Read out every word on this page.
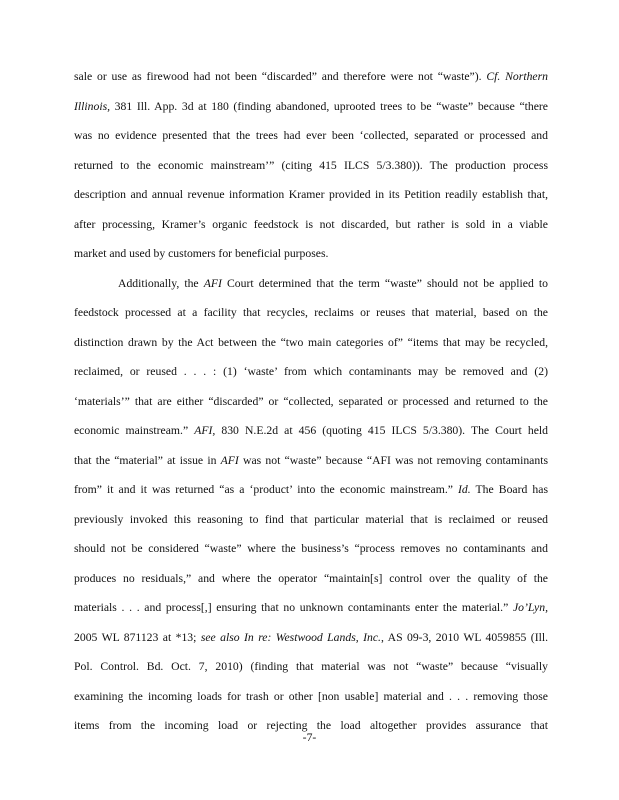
sale or use as firewood had not been “discarded” and therefore were not “waste”). Cf. Northern
Illinois, 381 Ill. App. 3d at 180 (finding abandoned, uprooted trees to be “waste” because “there
was no evidence presented that the trees had ever been ‘collected, separated or processed and
returned to the economic mainstream’” (citing 415 ILCS 5/3.380)). The production process
description and annual revenue information Kramer provided in its Petition readily establish that,
after processing, Kramer’s organic feedstock is not discarded, but rather is sold in a viable
market and used by customers for beneficial purposes.
Additionally, the AFI Court determined that the term “waste” should not be applied to
feedstock processed at a facility that recycles, reclaims or reuses that material, based on the
distinction drawn by the Act between the “two main categories of” “items that may be recycled,
reclaimed, or reused . . . : (1) ‘waste’ from which contaminants may be removed and (2)
‘materials’” that are either “discarded” or “collected, separated or processed and returned to the
economic mainstream.” AFI, 830 N.E.2d at 456 (quoting 415 ILCS 5/3.380). The Court held
that the “material” at issue in AFI was not “waste” because “AFI was not removing contaminants
from” it and it was returned “as a ‘product’ into the economic mainstream.” Id. The Board has
previously invoked this reasoning to find that particular material that is reclaimed or reused
should not be considered “waste” where the business’s “process removes no contaminants and
produces no residuals,” and where the operator “maintain[s] control over the quality of the
materials . . . and process[,] ensuring that no unknown contaminants enter the material.” Jo’Lyn,
2005 WL 871123 at *13; see also In re: Westwood Lands, Inc., AS 09-3, 2010 WL 4059855 (Ill.
Pol. Control. Bd. Oct. 7, 2010) (finding that material was not “waste” because “visually
examining the incoming loads for trash or other [non usable] material and . . . removing those
items from the incoming load or rejecting the load altogether provides assurance that
-7-
